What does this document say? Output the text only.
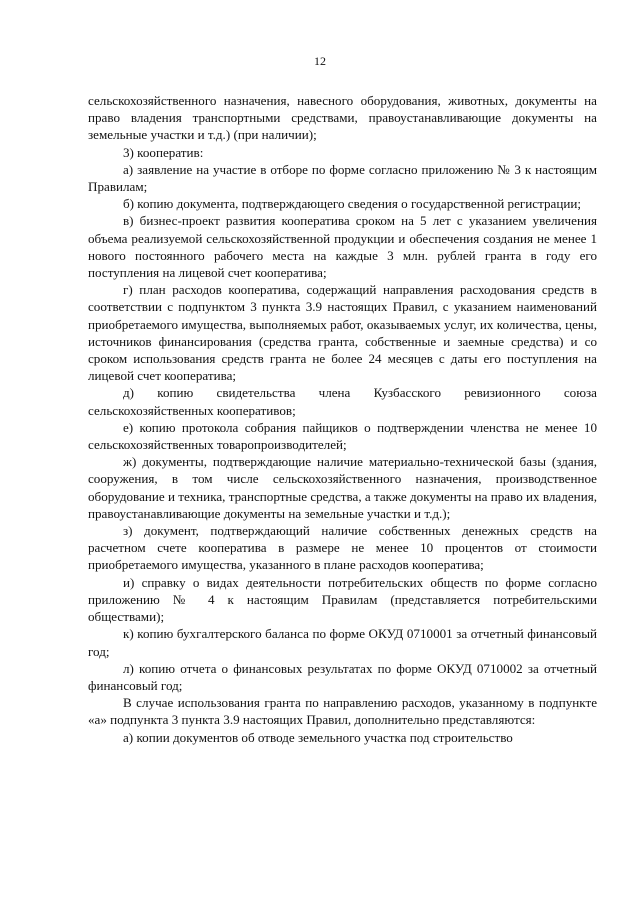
12

сельскохозяйственного назначения, навесного оборудования, животных, документы на право владения транспортными средствами, правоустанавливающие документы на земельные участки и т.д.) (при наличии);

3) кооператив:

а) заявление на участие в отборе по форме согласно приложению № 3 к настоящим Правилам;

б) копию документа, подтверждающего сведения о государственной регистрации;

в) бизнес-проект развития кооператива сроком на 5 лет с указанием увеличения объема реализуемой сельскохозяйственной продукции и обеспечения создания не менее 1 нового постоянного рабочего места на каждые 3 млн. рублей гранта в году его поступления на лицевой счет кооператива;

г) план расходов кооператива, содержащий направления расходования средств в соответствии с подпунктом 3 пункта 3.9 настоящих Правил, с указанием наименований приобретаемого имущества, выполняемых работ, оказываемых услуг, их количества, цены, источников финансирования (средства гранта, собственные и заемные средства) и со сроком использования средств гранта не более 24 месяцев с даты его поступления на лицевой счет кооператива;

д) копию свидетельства члена Кузбасского ревизионного союза сельскохозяйственных кооперативов;

е) копию протокола собрания пайщиков о подтверждении членства не менее 10 сельскохозяйственных товаропроизводителей;

ж) документы, подтверждающие наличие материально-технической базы (здания, сооружения, в том числе сельскохозяйственного назначения, производственное оборудование и техника, транспортные средства, а также документы на право их владения, правоустанавливающие документы на земельные участки и т.д.);

з) документ, подтверждающий наличие собственных денежных средств на расчетном счете кооператива в размере не менее 10 процентов от стоимости приобретаемого имущества, указанного в плане расходов кооператива;

и) справку о видах деятельности потребительских обществ по форме согласно приложению № 4 к настоящим Правилам (представляется потребительскими обществами);

к) копию бухгалтерского баланса по форме ОКУД 0710001 за отчетный финансовый год;

л) копию отчета о финансовых результатах по форме ОКУД 0710002 за отчетный финансовый год;

В случае использования гранта по направлению расходов, указанному в подпункте «а» подпункта 3 пункта 3.9 настоящих Правил, дополнительно представляются:

а) копии документов об отводе земельного участка под строительство
